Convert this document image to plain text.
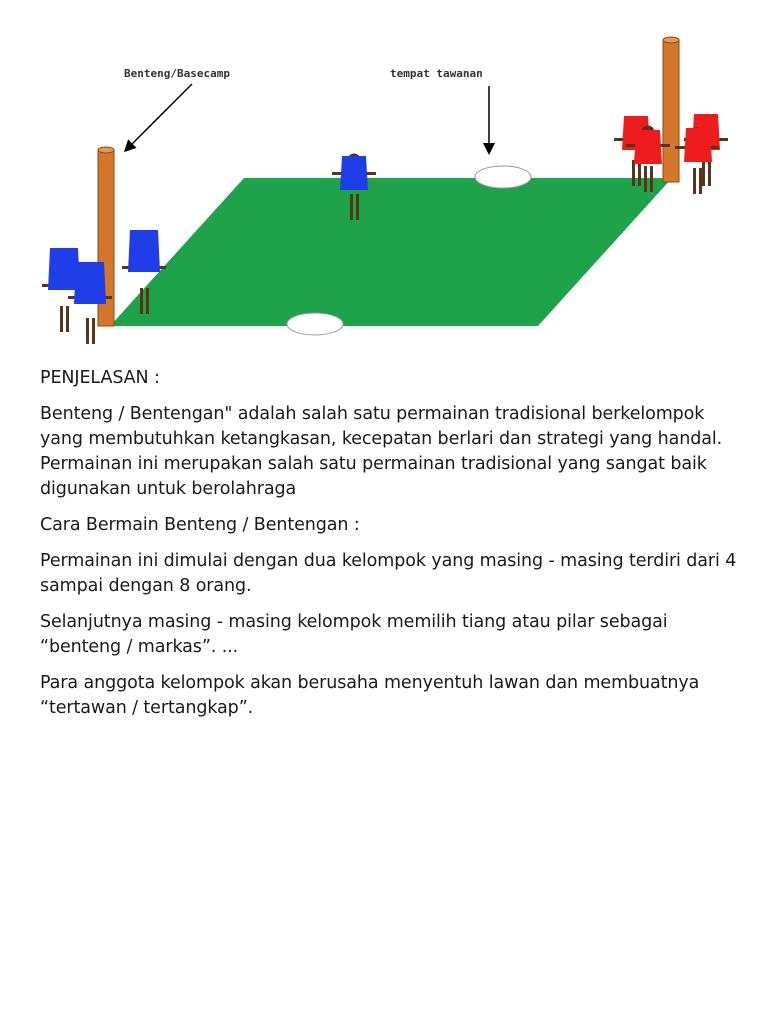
Benteng/Basecamp	tempat tawanan

PENJELASAN :

Benteng / Bentengan" adalah salah satu permainan tradisional berkelompok yang membutuhkan ketangkasan, kecepatan berlari dan strategi yang handal. Permainan ini merupakan salah satu permainan tradisional yang sangat baik digunakan untuk berolahraga

Cara Bermain Benteng / Bentengan :

Permainan ini dimulai dengan dua kelompok yang masing - masing terdiri dari 4 sampai dengan 8 orang.

Selanjutnya masing - masing kelompok memilih tiang atau pilar sebagai “benteng / markas”. ...

Para anggota kelompok akan berusaha menyentuh lawan dan membuatnya “tertawan / tertangkap”.
